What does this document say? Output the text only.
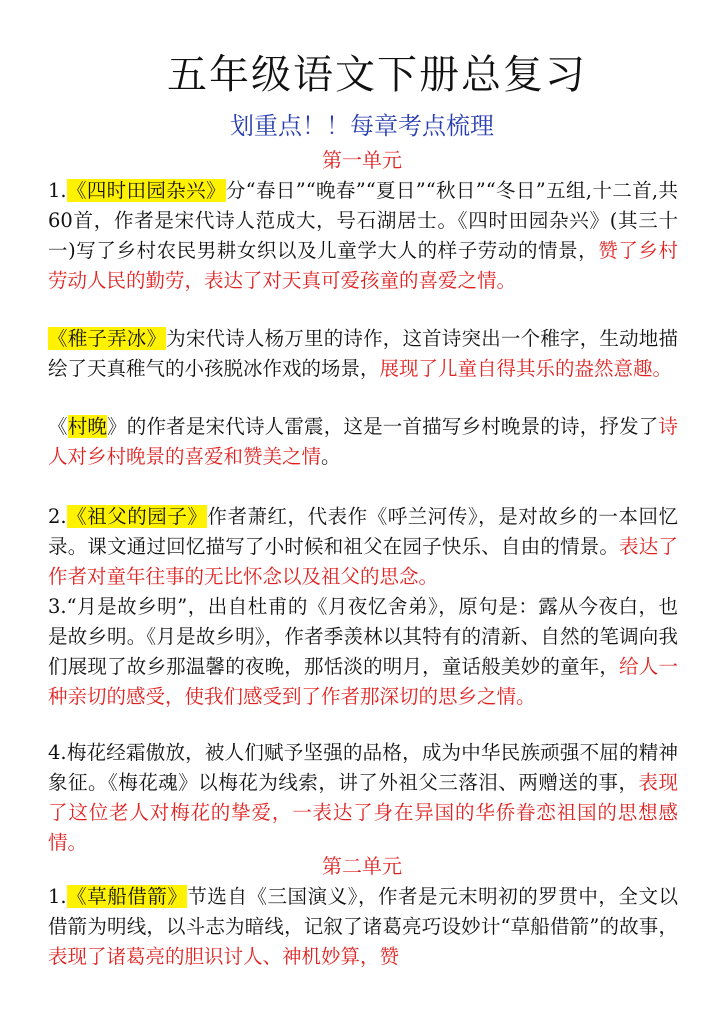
五年级语文下册总复习
划重点！！每章考点梳理
第一单元
1.《四时田园杂兴》分“春日”“晚春”“夏日”“秋日”“冬日”五组,十二首,共60首，作者是宋代诗人范成大，号石湖居士。《四时田园杂兴》(其三十一)写了乡村农民男耕女织以及儿童学大人的样子劳动的情景，赞了乡村劳动人民的勤劳，表达了对天真可爱孩童的喜爱之情。
《稚子弄冰》为宋代诗人杨万里的诗作，这首诗突出一个稚字，生动地描绘了天真稚气的小孩脱冰作戏的场景，展现了儿童自得其乐的盎然意趣。
《村晚》的作者是宋代诗人雷震，这是一首描写乡村晚景的诗，抒发了诗人对乡村晚景的喜爱和赞美之情。
2.《祖父的园子》作者萧红，代表作《呼兰河传》，是对故乡的一本回忆录。课文通过回忆描写了小时候和祖父在园子快乐、自由的情景。表达了作者对童年往事的无比怀念以及祖父的思念。
3.“月是故乡明”，出自杜甫的《月夜忆舍弟》，原句是：露从今夜白，也是故乡明。《月是故乡明》，作者季羡林以其特有的清新、自然的笔调向我们展现了故乡那温馨的夜晚，那恬淡的明月，童话般美妙的童年，给人一种亲切的感受，使我们感受到了作者那深切的思乡之情。
4.梅花经霜傲放，被人们赋予坚强的品格，成为中华民族顽强不屈的精神象征。《梅花魂》以梅花为线索，讲了外祖父三落泪、两赠送的事，表现了这位老人对梅花的挚爱，一表达了身在异国的华侨眷恋祖国的思想感情。
第二单元
1.《草船借箭》节选自《三国演义》，作者是元末明初的罗贯中，全文以借箭为明线，以斗志为暗线，记叙了诸葛亮巧设妙计“草船借箭”的故事，表现了诸葛亮的胆识讨人、神机妙算，赞
